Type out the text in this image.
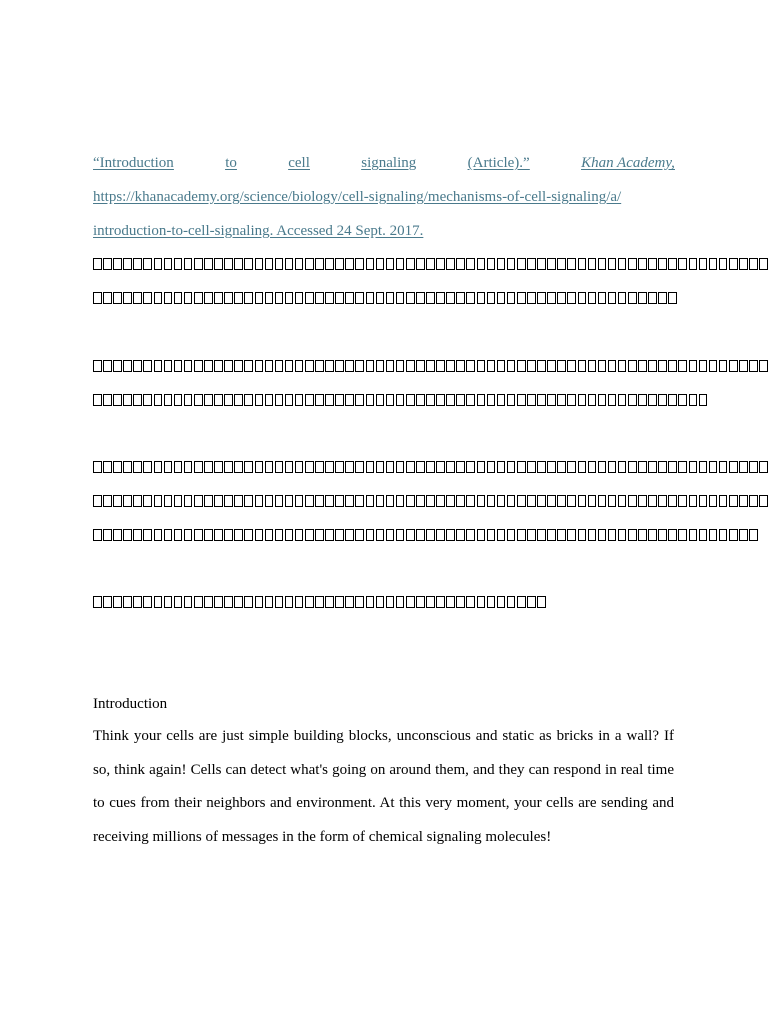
“Introduction	to	cell	signaling	(Article).”	Khan Academy,
https://khanacademy.org/science/biology/cell-signaling/mechanisms-of-cell-signaling/a/
introduction-to-cell-signaling. Accessed 24 Sept. 2017.
Introduction
Think your cells are just simple building blocks, unconscious and static as bricks in a wall? If so, think again! Cells can detect what's going on around them, and they can respond in real time to cues from their neighbors and environment. At this very moment, your cells are sending and receiving millions of messages in the form of chemical signaling molecules!
